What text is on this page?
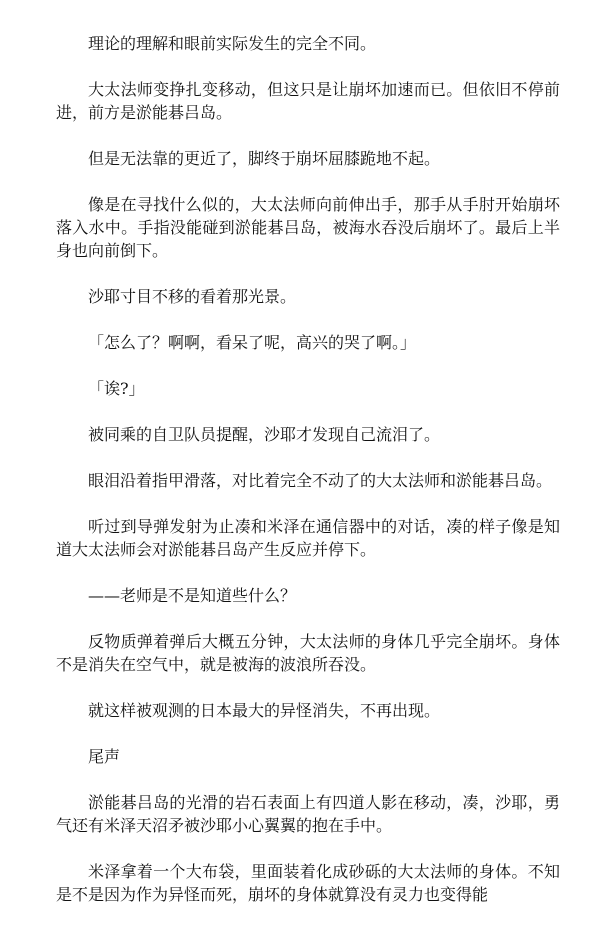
理论的理解和眼前实际发生的完全不同。

大太法师变挣扎变移动，但这只是让崩坏加速而已。但依旧不停前进，前方是淤能碁吕岛。

但是无法靠的更近了，脚终于崩坏屈膝跪地不起。

像是在寻找什么似的，大太法师向前伸出手，那手从手肘开始崩坏落入水中。手指没能碰到淤能碁吕岛，被海水吞没后崩坏了。最后上半身也向前倒下。

沙耶寸目不移的看着那光景。

「怎么了？啊啊，看呆了呢，高兴的哭了啊。」

「诶?」

被同乘的自卫队员提醒，沙耶才发现自己流泪了。

眼泪沿着指甲滑落，对比着完全不动了的大太法师和淤能碁吕岛。

听过到导弹发射为止凑和米泽在通信器中的对话，凑的样子像是知道大太法师会对淤能碁吕岛产生反应并停下。

——老师是不是知道些什么？

反物质弹着弹后大概五分钟，大太法师的身体几乎完全崩坏。身体不是消失在空气中，就是被海的波浪所吞没。

就这样被观测的日本最大的异怪消失，不再出现。

尾声

淤能碁吕岛的光滑的岩石表面上有四道人影在移动，凑，沙耶，勇气还有米泽天沼矛被沙耶小心翼翼的抱在手中。

米泽拿着一个大布袋，里面装着化成砂砾的大太法师的身体。不知是不是因为作为异怪而死，崩坏的身体就算没有灵力也变得能
